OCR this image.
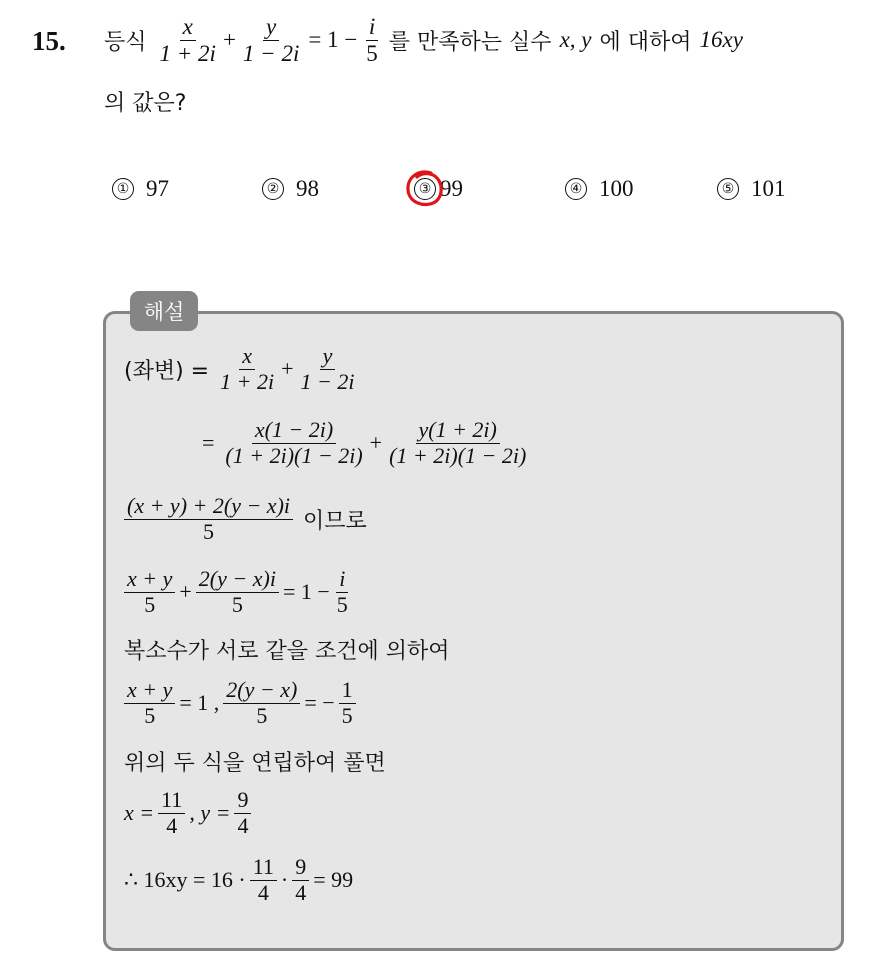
15. 등식 $\frac{x}{1 + 2i} + \frac{y}{1 - 2i} = 1 - \frac{i}{5}$ 를 만족하는 실수 x, y 에 대하여 16xy
의 값은?
① 97	② 98	③ 99	④ 100	⑤ 101
해설
(좌변) = $\frac{x}{1 + 2i} + \frac{y}{1 - 2i}$
= $\frac{x(1 - 2i)}{(1 + 2i)(1 - 2i)} + \frac{y(1 + 2i)}{(1 + 2i)(1 - 2i)}$
$\frac{(x + y) + 2(y - x)i}{5}$ 이므로
$\frac{x + y}{5} + \frac{2(y - x)i}{5} = 1 - \frac{i}{5}$
복소수가 서로 같을 조건에 의하여
$\frac{x + y}{5} = 1$ , $\frac{2(y - x)}{5}$ = − $\frac{1}{5}$
위의 두 식을 연립하여 풀면
$x = \frac{11}{4}$ , $y = \frac{9}{4}$
∴ $16xy = 16 \cdot \frac{11}{4} \cdot \frac{9}{4} = 99$
